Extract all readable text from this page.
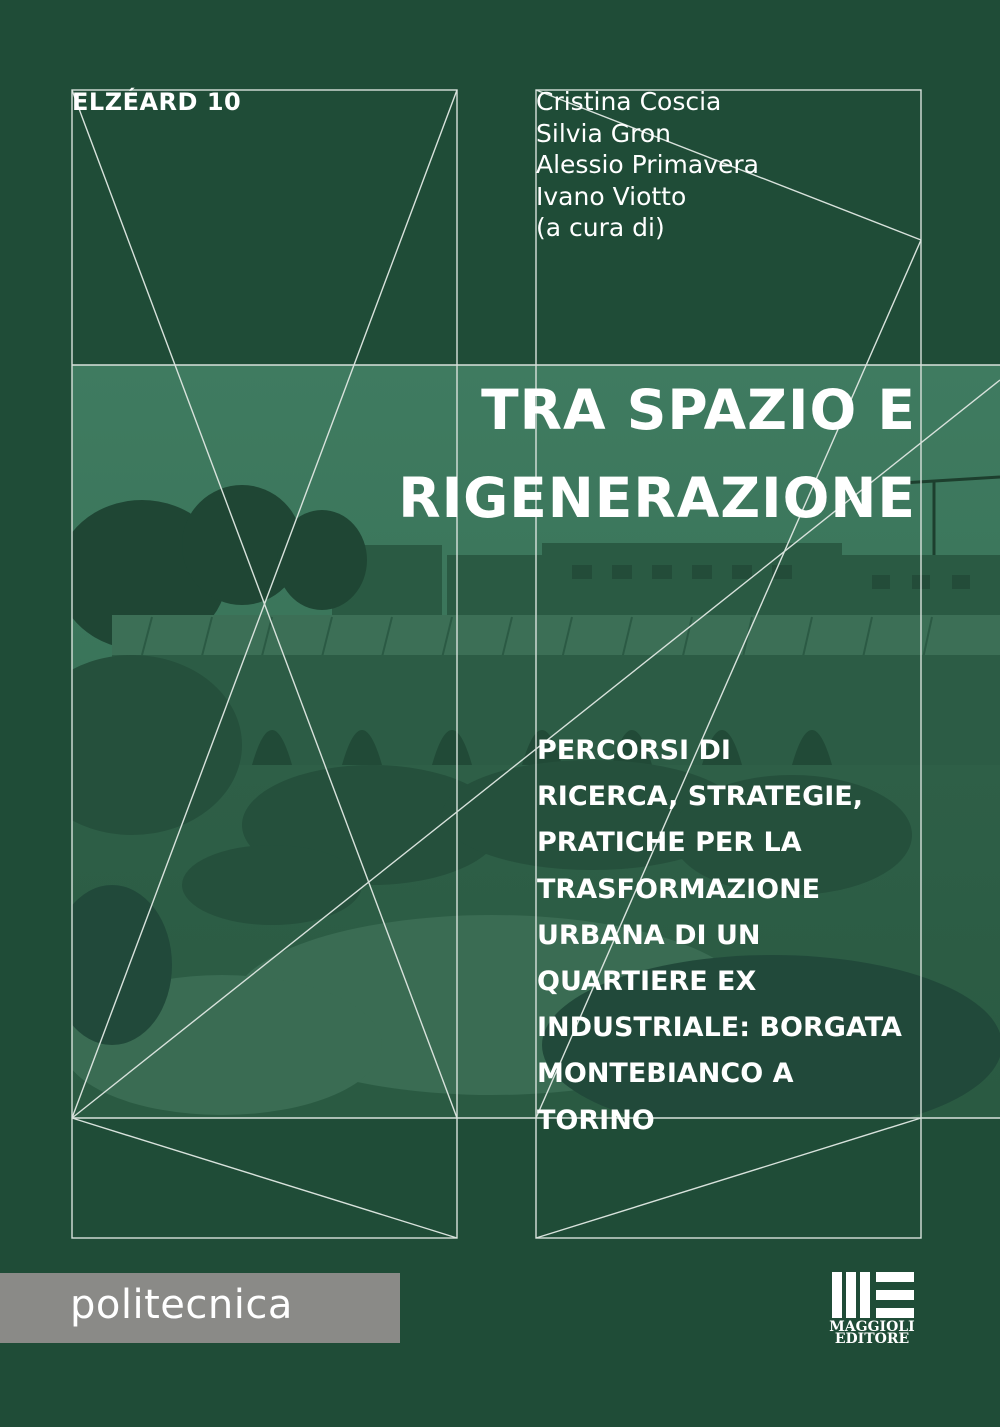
ELZÉARD 10	Cristina Coscia
Silvia Gron
Alessio Primavera
Ivano Viotto
(a cura di)
TRA SPAZIO E
RIGENERAZIONE
PERCORSI DI
RICERCA, STRATEGIE,
PRATICHE PER LA
TRASFORMAZIONE
URBANA DI UN
QUARTIERE EX
INDUSTRIALE: BORGATA
MONTEBIANCO A
TORINO
politecnica	MAGGIOLI
EDITORE
